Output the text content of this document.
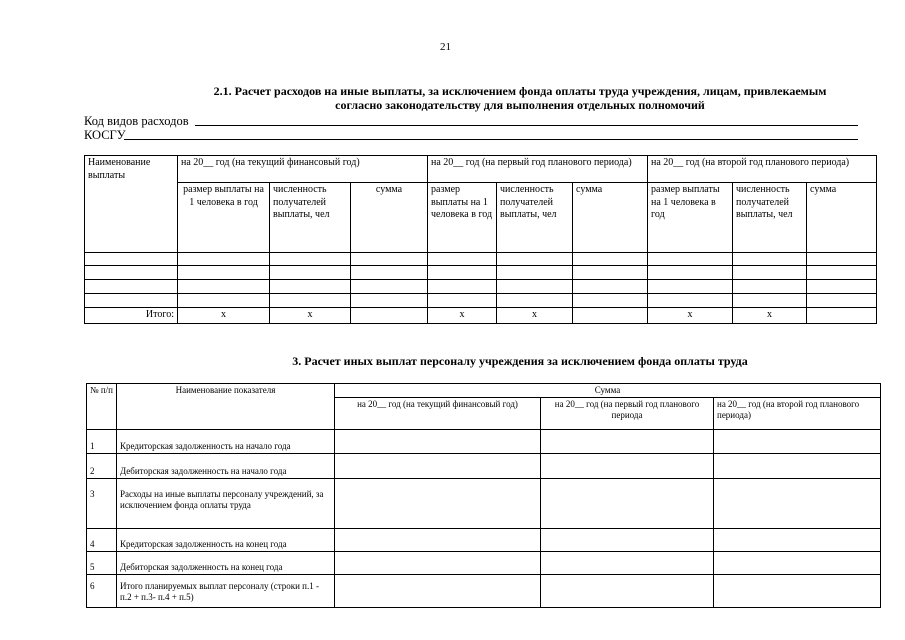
21
2.1. Расчет расходов на иные выплаты, за исключением фонда оплаты труда учреждения, лицам, привлекаемым
согласно законодательству для выполнения отдельных полномочий
Код видов расходов
КОСГУ
Наименование выплаты	на 20__ год (на текущий финансовый год)			на 20__ год (на первый год планового периода)			на 20__ год (на второй год планового периода)		
	размер выплаты на 1 человека в год	численность получателей выплаты, чел	сумма	размер выплаты на 1 человека в год	численность получателей выплаты, чел	сумма	размер выплаты на 1 человека в год	численность получателей выплаты, чел	сумма

Итого:	x	x		x	x		x	x	
3. Расчет иных выплат персоналу учреждения за исключением фонда оплаты труда
№ п/п	Наименование показателя	Сумма		
		на 20__ год (на текущий финансовый год)	на 20__ год (на первый год планового периода	на 20__ год (на второй год планового периода)
1	Кредиторская задолженность на начало года			
2	Дебиторская задолженность на начало года			
3	Расходы на иные выплаты персоналу учреждений, за исключением фонда оплаты труда			
4	Кредиторская задолженность на конец года			
5	Дебиторская задолженность на конец года			
6	Итого планируемых выплат персоналу (строки п.1 - п.2 + п.3- п.4 + п.5)			
